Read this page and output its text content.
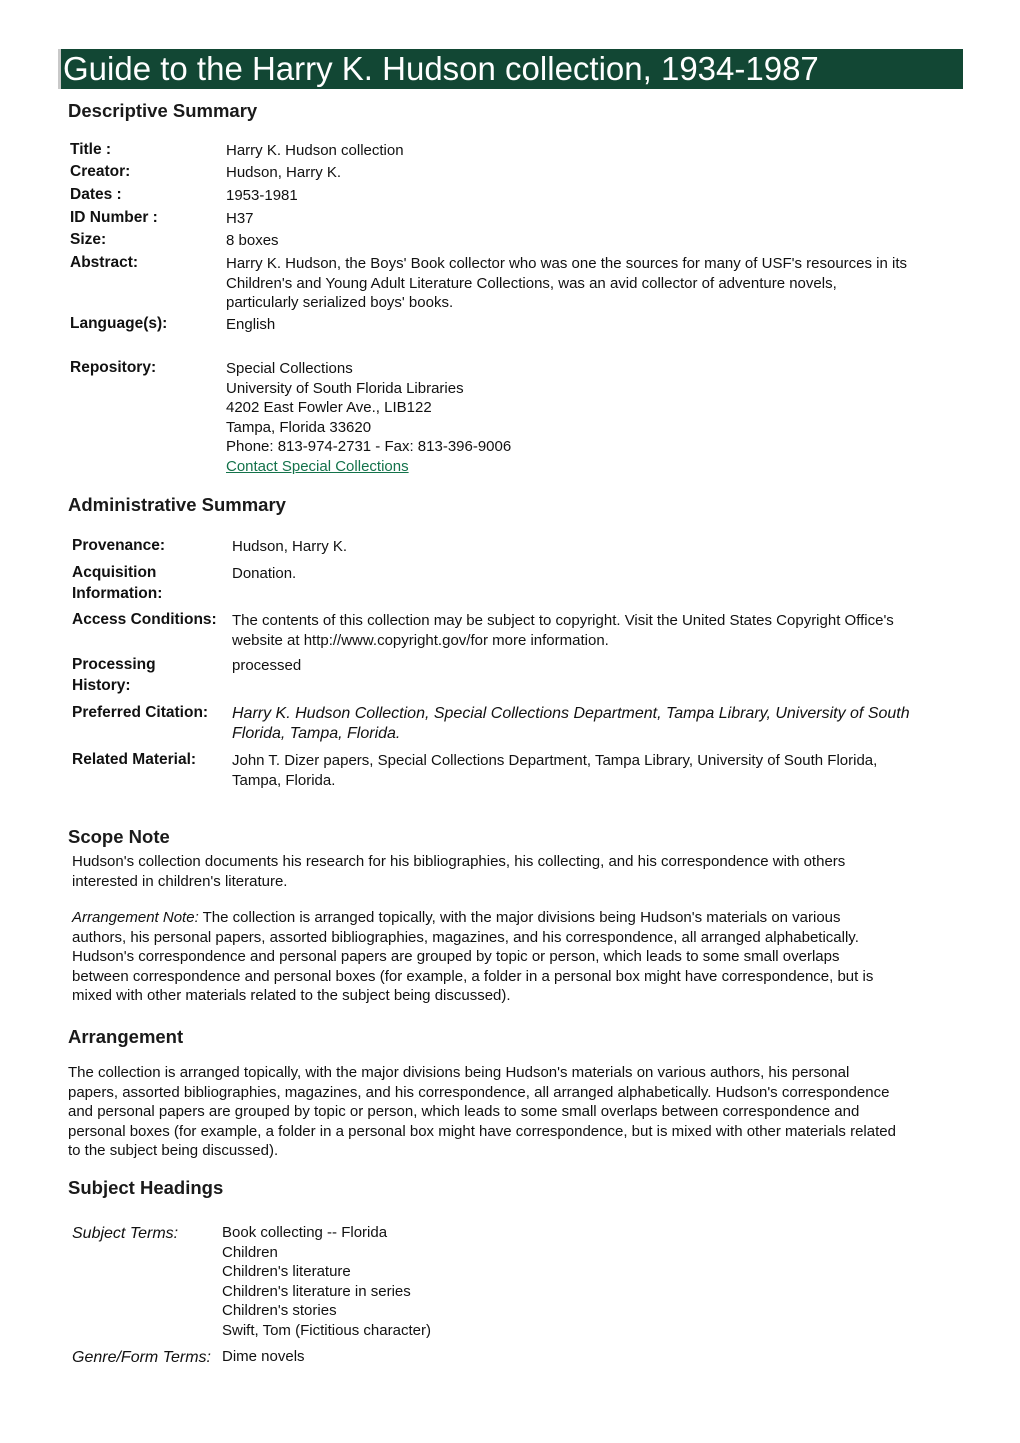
Guide to the Harry K. Hudson collection, 1934-1987
Descriptive Summary
Title :	Harry K. Hudson collection
Creator:	Hudson, Harry K.
Dates :	1953-1981
ID Number :	H37
Size:	8 boxes
Abstract:	Harry K. Hudson, the Boys' Book collector who was one the sources for many of USF's resources in its
Children's and Young Adult Literature Collections, was an avid collector of adventure novels,
particularly serialized boys' books.
Language(s):	English
Repository:	Special Collections
University of South Florida Libraries
4202 East Fowler Ave., LIB122
Tampa, Florida 33620
Phone: 813-974-2731 - Fax: 813-396-9006
Contact Special Collections
Administrative Summary
Provenance:	Hudson, Harry K.
Acquisition
Information:
Donation.
Access Conditions: The contents of this collection may be subject to copyright. Visit the United States Copyright Office's
website at http://www.copyright.gov/for more information.
Processing
History:
processed
Preferred Citation: Harry K. Hudson Collection, Special Collections Department, Tampa Library, University of South
Florida, Tampa, Florida.
Related Material: John T. Dizer papers, Special Collections Department, Tampa Library, University of South Florida,
Tampa, Florida.
Scope Note
Hudson's collection documents his research for his bibliographies, his collecting, and his correspondence with others
interested in children's literature.
Arrangement Note: The collection is arranged topically, with the major divisions being Hudson's materials on various
authors, his personal papers, assorted bibliographies, magazines, and his correspondence, all arranged alphabetically.
Hudson's correspondence and personal papers are grouped by topic or person, which leads to some small overlaps
between correspondence and personal boxes (for example, a folder in a personal box might have correspondence, but is
mixed with other materials related to the subject being discussed).
Arrangement
The collection is arranged topically, with the major divisions being Hudson's materials on various authors, his personal
papers, assorted bibliographies, magazines, and his correspondence, all arranged alphabetically. Hudson's correspondence
and personal papers are grouped by topic or person, which leads to some small overlaps between correspondence and
personal boxes (for example, a folder in a personal box might have correspondence, but is mixed with other materials related
to the subject being discussed).
Subject Headings
Subject Terms:	Book collecting -- Florida
Children
Children's literature
Children's literature in series
Children's stories
Swift, Tom (Fictitious character)
Genre/Form Terms: Dime novels
